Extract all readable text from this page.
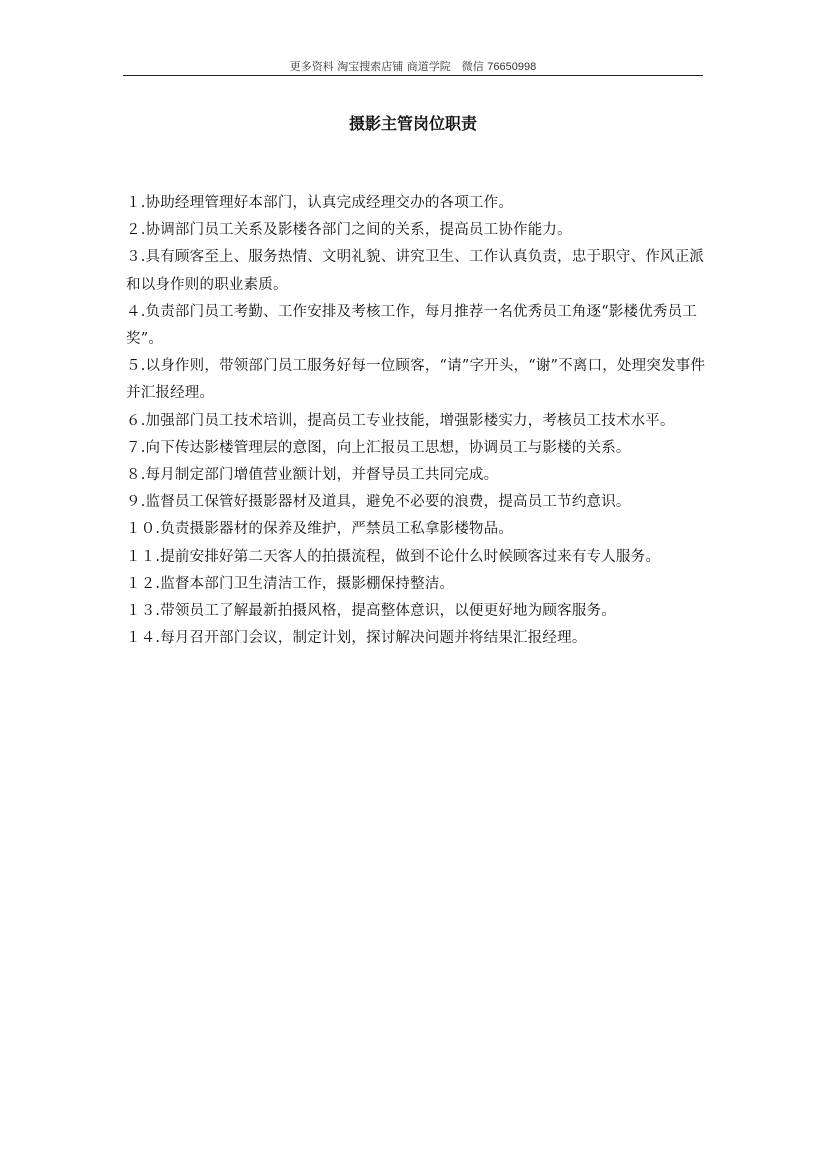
更多资料 淘宝搜索店铺 商道学院　微信 76650998
摄影主管岗位职责
１.协助经理管理好本部门，认真完成经理交办的各项工作。
２.协调部门员工关系及影楼各部门之间的关系，提高员工协作能力。
３.具有顾客至上、服务热情、文明礼貌、讲究卫生、工作认真负责，忠于职守、作风正派和以身作则的职业素质。
４.负责部门员工考勤、工作安排及考核工作，每月推荐一名优秀员工角逐“影楼优秀员工奖”。
５.以身作则，带领部门员工服务好每一位顾客，“请”字开头，“谢”不离口，处理突发事件并汇报经理。
６.加强部门员工技术培训，提高员工专业技能，增强影楼实力，考核员工技术水平。
７.向下传达影楼管理层的意图，向上汇报员工思想，协调员工与影楼的关系。
８.每月制定部门增值营业额计划，并督导员工共同完成。
９.监督员工保管好摄影器材及道具，避免不必要的浪费，提高员工节约意识。
１０.负责摄影器材的保养及维护，严禁员工私拿影楼物品。
１１.提前安排好第二天客人的拍摄流程，做到不论什么时候顾客过来有专人服务。
１２.监督本部门卫生清洁工作，摄影棚保持整洁。
１３.带领员工了解最新拍摄风格，提高整体意识，以便更好地为顾客服务。
１４.每月召开部门会议，制定计划，探讨解决问题并将结果汇报经理。
